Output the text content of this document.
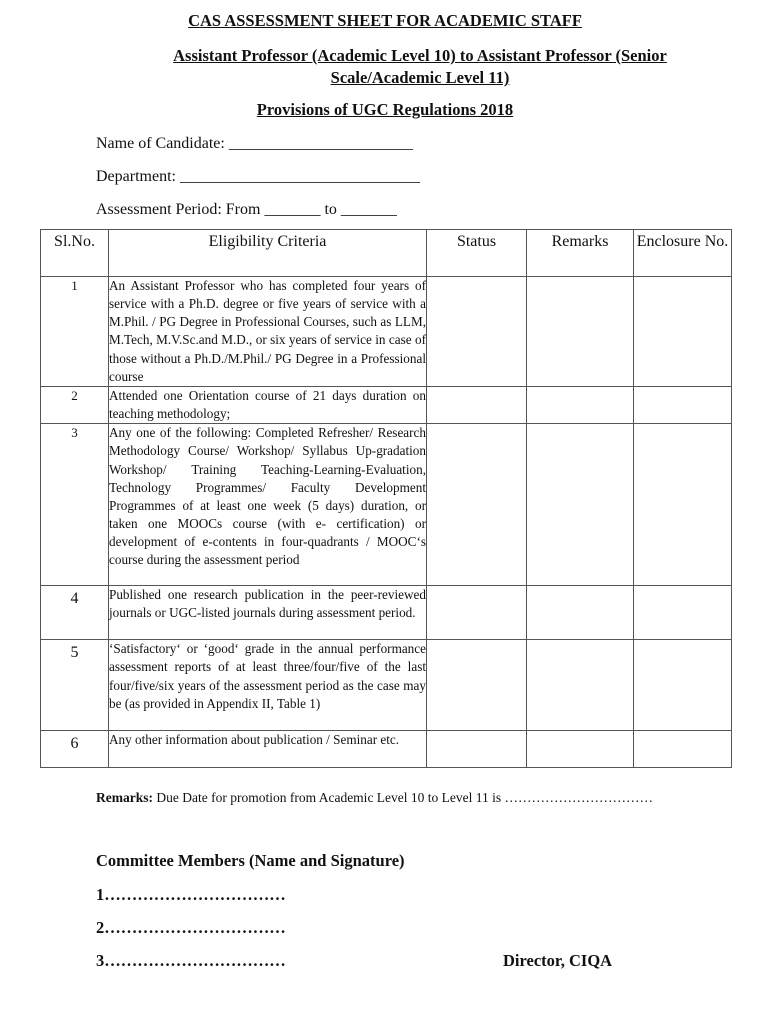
CAS ASSESSMENT SHEET FOR ACADEMIC STAFF
Assistant Professor (Academic Level 10) to Assistant Professor (Senior Scale/Academic Level 11)
Provisions of UGC Regulations 2018
Name of Candidate: _______________________
Department: ______________________________
Assessment Period: From _______ to _______
Sl.No.	Eligibility Criteria	Status	Remarks	Enclosure No.
1	An Assistant Professor who has completed four years of service with a Ph.D. degree or five years of service with a M.Phil. / PG Degree in Professional Courses, such as LLM, M.Tech, M.V.Sc.and M.D., or six years of service in case of those without a Ph.D./M.Phil./ PG Degree in a Professional course			
2	Attended one Orientation course of 21 days duration on teaching methodology;			
3	Any one of the following: Completed Refresher/ Research Methodology Course/ Workshop/ Syllabus Up-gradation Workshop/ Training Teaching-Learning-Evaluation, Technology Programmes/ Faculty Development Programmes of at least one week (5 days) duration, or taken one MOOCs course (with e- certification) or development of e-contents in four-quadrants / MOOC‘s course during the assessment period			
4	Published one research publication in the peer-reviewed journals or UGC-listed journals during assessment period.			
5	‘Satisfactory‘ or ‘good‘ grade in the annual performance assessment reports of at least three/four/five of the last four/five/six years of the assessment period as the case may be (as provided in Appendix II, Table 1)			
6	Any other information about publication / Seminar etc.			
Remarks: Due Date for promotion from Academic Level 10 to Level 11 is ……………………………
Committee Members (Name and Signature)
1……………………………
2……………………………
3……………………………	Director, CIQA
